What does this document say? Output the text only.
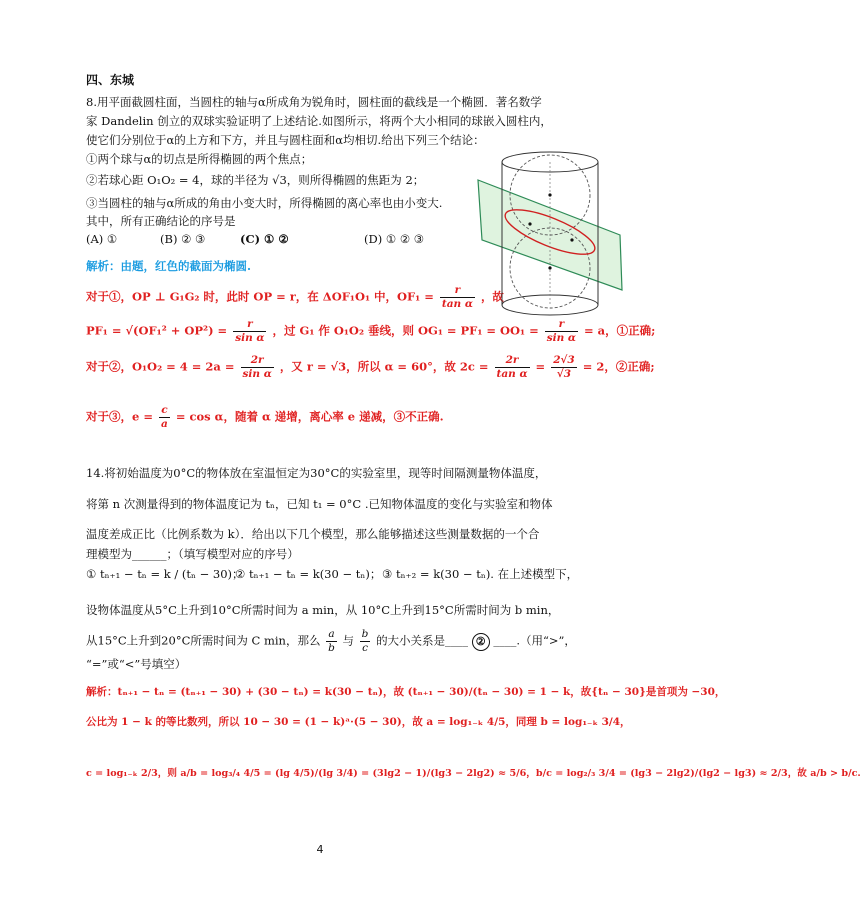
四、东城
8.用平面截圆柱面，当圆柱的轴与α所成角为锐角时，圆柱面的截线是一个椭圆．著名数学
家 Dandelin 创立的双球实验证明了上述结论.如图所示，将两个大小相同的球嵌入圆柱内，
使它们分别位于α的上方和下方，并且与圆柱面和α均相切.给出下列三个结论：
①两个球与α的切点是所得椭圆的两个焦点；
②若球心距 O₁O₂ = 4，球的半径为 √3，则所得椭圆的焦距为 2；
③当圆柱的轴与α所成的角由小变大时，所得椭圆的离心率也由小变大.
其中，所有正确结论的序号是
(A) ①	(B) ② ③	(C) ① ②	(D) ① ② ③
解析：由题，红色的截面为椭圆.
对于①，OP ⊥ G₁G₂ 时，此时 OP = r，在 ΔOF₁O₁ 中，$OF_1 = \frac{r}{\text{tan α}}$ ，故
$PF_1 = √(OF_1^2 + OP^2) = \frac{r}{\text{sin α}}$ ，过 G₁ 作 O₁O₂ 垂线，则 $OG_1 = PF_1 = OO_1 = \frac{r}{\text{sin α}} = a$，①正确;
对于②，$O_1O_2 = 4 = 2a = \frac{2r}{\text{sin α}}$ ，又 r = √3，所以 α = 60°，故 $2c = \frac{2r}{\text{tan α}} = \frac{2√3}{√3} = 2$，②正确;
对于③，$e = \frac{c}{a} = \cos \alpha$，随着 α 递增，离心率 e 递减，③不正确.
14.将初始温度为0°C的物体放在室温恒定为30°C的实验室里，现等时间隔测量物体温度，
将第 n 次测量得到的物体温度记为 tₙ，已知 t₁ = 0°C .已知物体温度的变化与实验室和物体
温度差成正比（比例系数为 k）．给出以下几个模型，那么能够描述这些测量数据的一个合
理模型为______；（填写模型对应的序号）
① tₙ₊₁ − tₙ = k / (tₙ − 30)；
② tₙ₊₁ − tₙ = k(30 − tₙ)； ③ tₙ₊₂ = k(30 − tₙ). 在上述模型下，
设物体温度从5°C上升到10°C所需时间为 a min，从 10°C上升到15°C所需时间为 b min，
从15°C上升到20°C所需时间为 C min，那么 $\frac{a}{b}$ 与 $\frac{b}{c}$ 的大小关系是____ ② ____.（用“>”，
“=”或“<”号填空）
解析：tₙ₊₁ − tₙ = (tₙ₊₁ − 30) + (30 − tₙ) = k(30 − tₙ)，故 (tₙ₊₁ − 30)/(tₙ − 30) = 1 − k，故{tₙ − 30}是首项为 −30，
公比为 1 − k 的等比数列，所以 10 − 30 = (1 − k)ᵃ·(5 − 30)，故 a = log₁₋ₖ 4/5，同理 b = log₁₋ₖ 3/4，
c = log₁₋ₖ 2/3，则 a/b = log₃/₄ 4/5 = (lg 4/5)/(lg 3/4) = (3lg2 − 1)/(lg3 − 2lg2) ≈ 5/6，b/c = log₂/₃ 3/4 = (lg3 − 2lg2)/(lg2 − lg3) ≈ 2/3，故 a/b > b/c.
4
